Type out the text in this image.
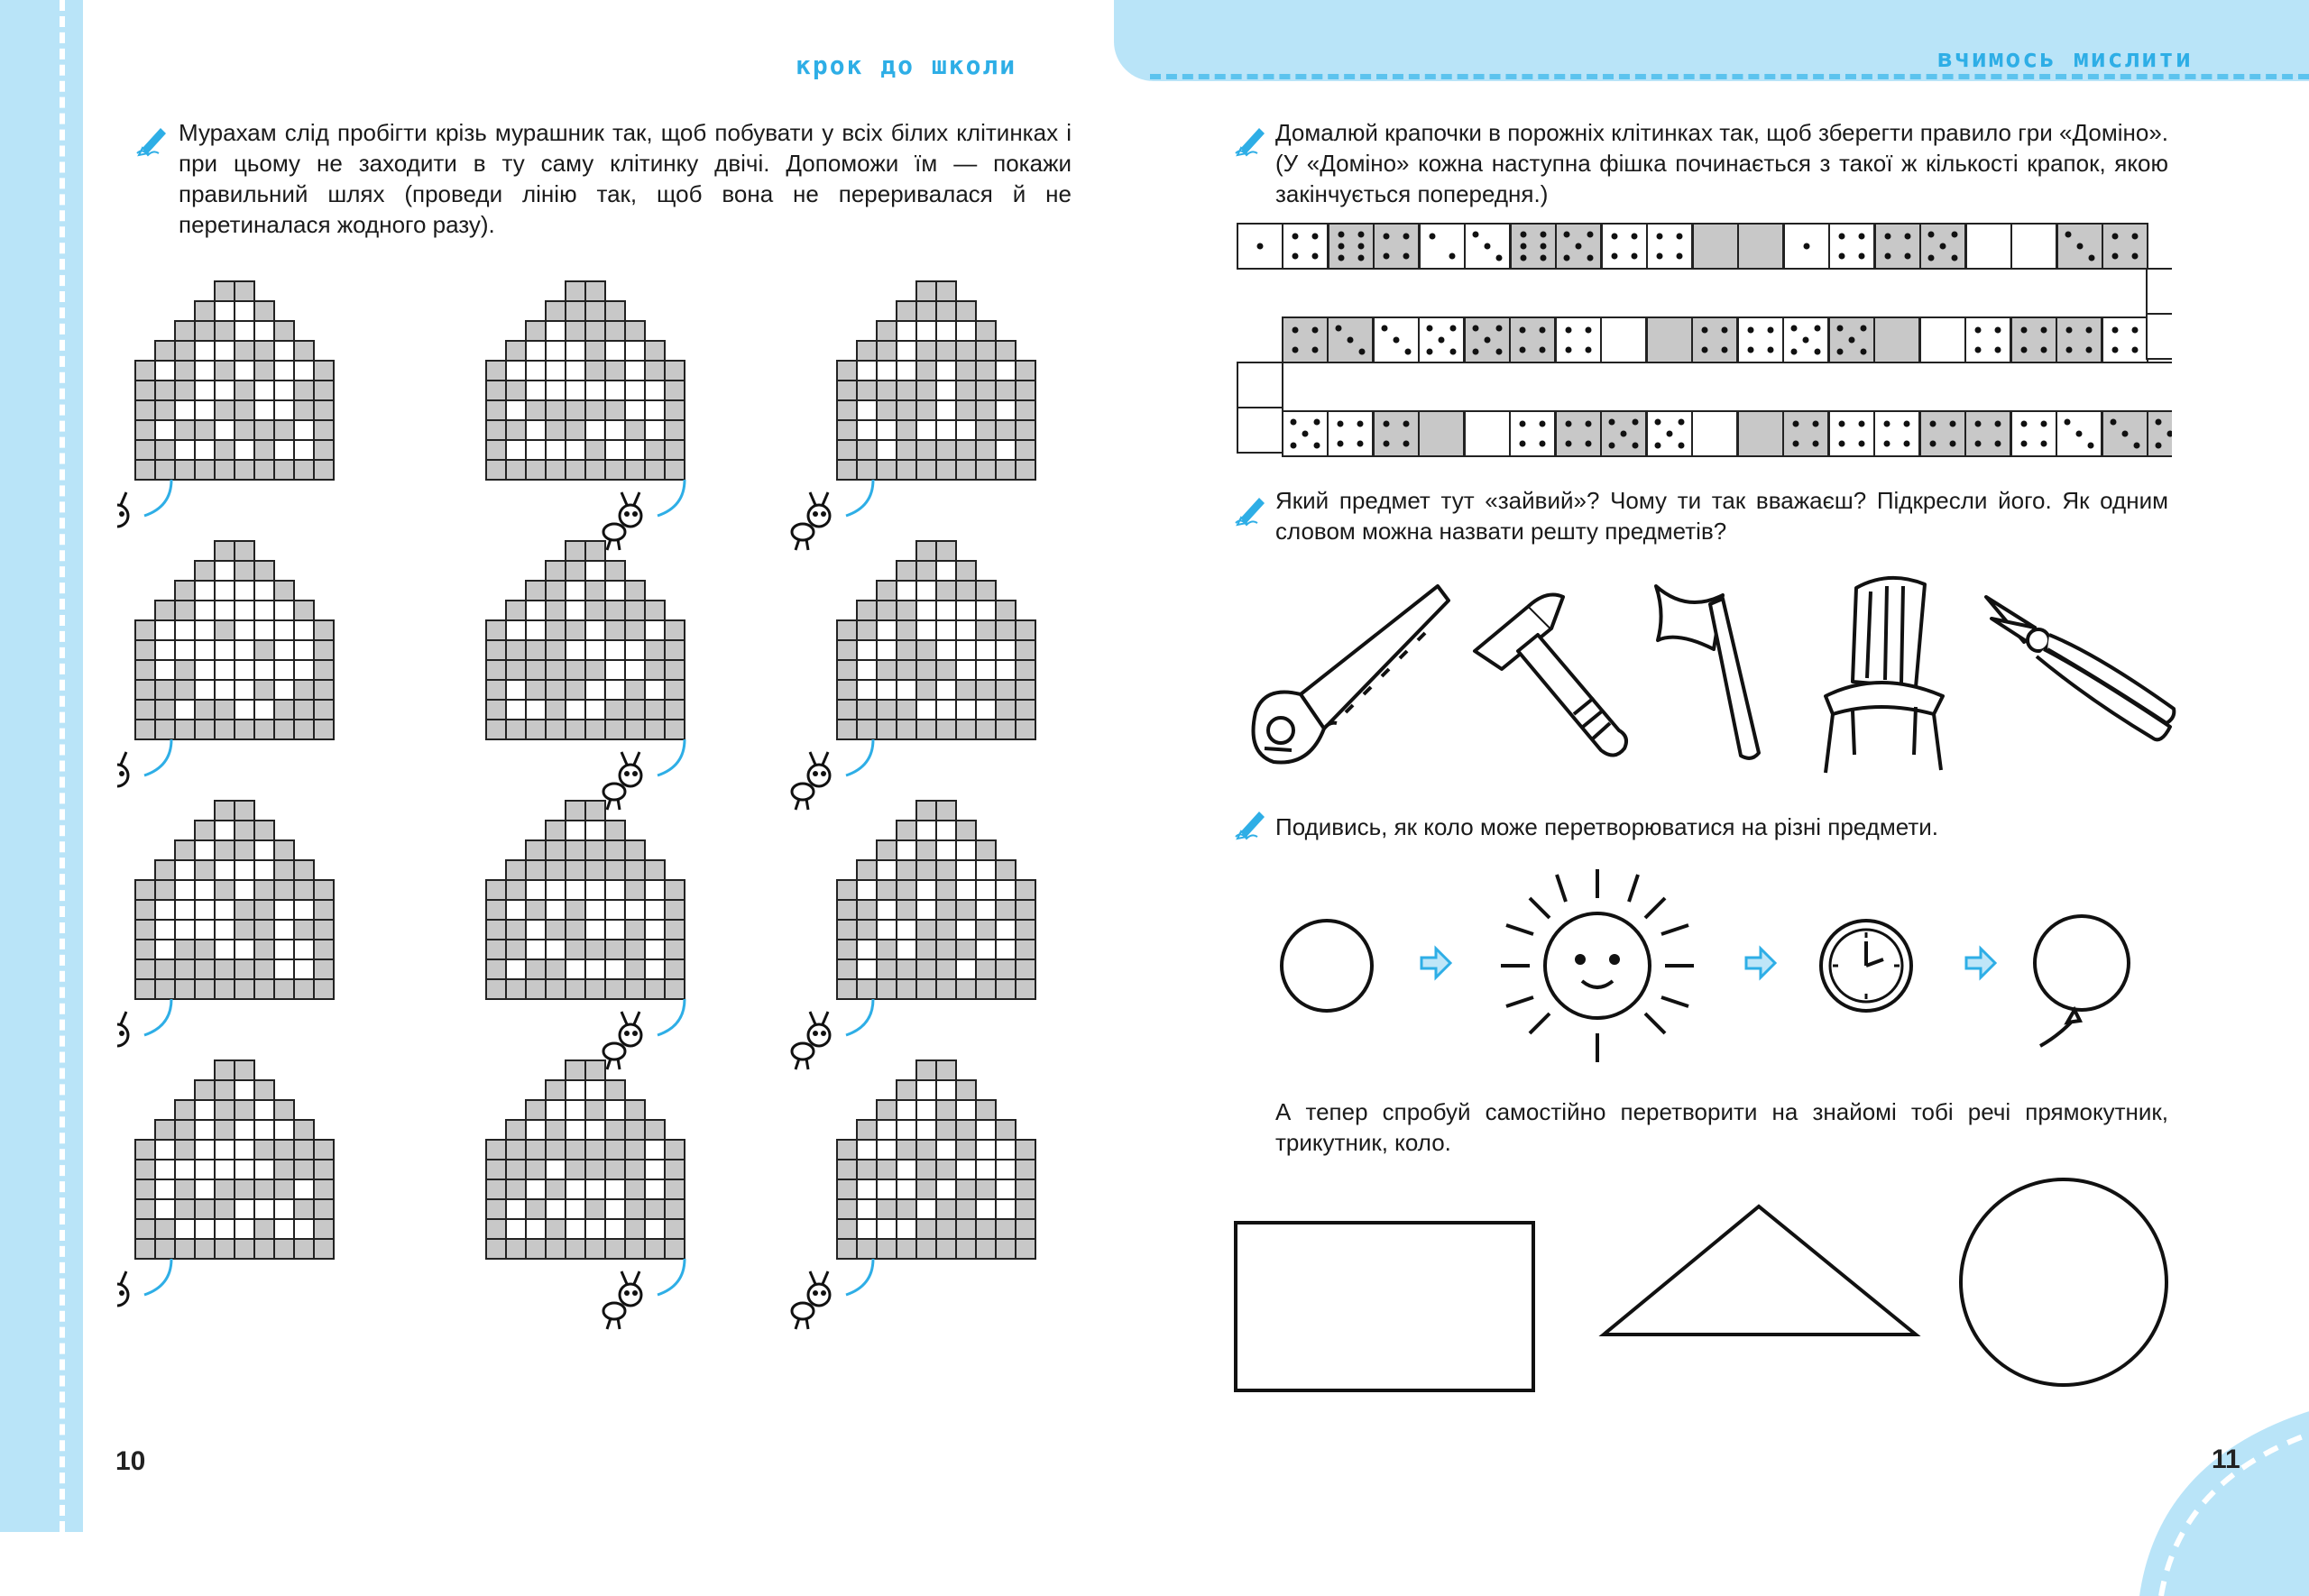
крок до школи	вчимось мислити
Мурахам слід пробігти крізь мурашник так, щоб побувати у всіх білих клітинках і при цьому не заходити в ту саму клітинку двічі. Допоможи їм — покажи правильний шлях (проведи лінію так, щоб вона не переривалася й не перетиналася жодного разу).
10
Домалюй крапочки в порожніх клітинках так, щоб зберегти правило гри «Доміно». (У «Доміно» кожна наступна фішка починається з такої ж кількості крапок, якою закінчується попередня.)
Який предмет тут «зайвий»? Чому ти так вважаєш? Підкресли його. Як одним словом можна назвати решту предметів?
Подивись, як коло може перетворюватися на різні предмети.
А тепер спробуй самостійно перетворити на знайомі тобі речі прямокутник, трикутник, коло.
11
